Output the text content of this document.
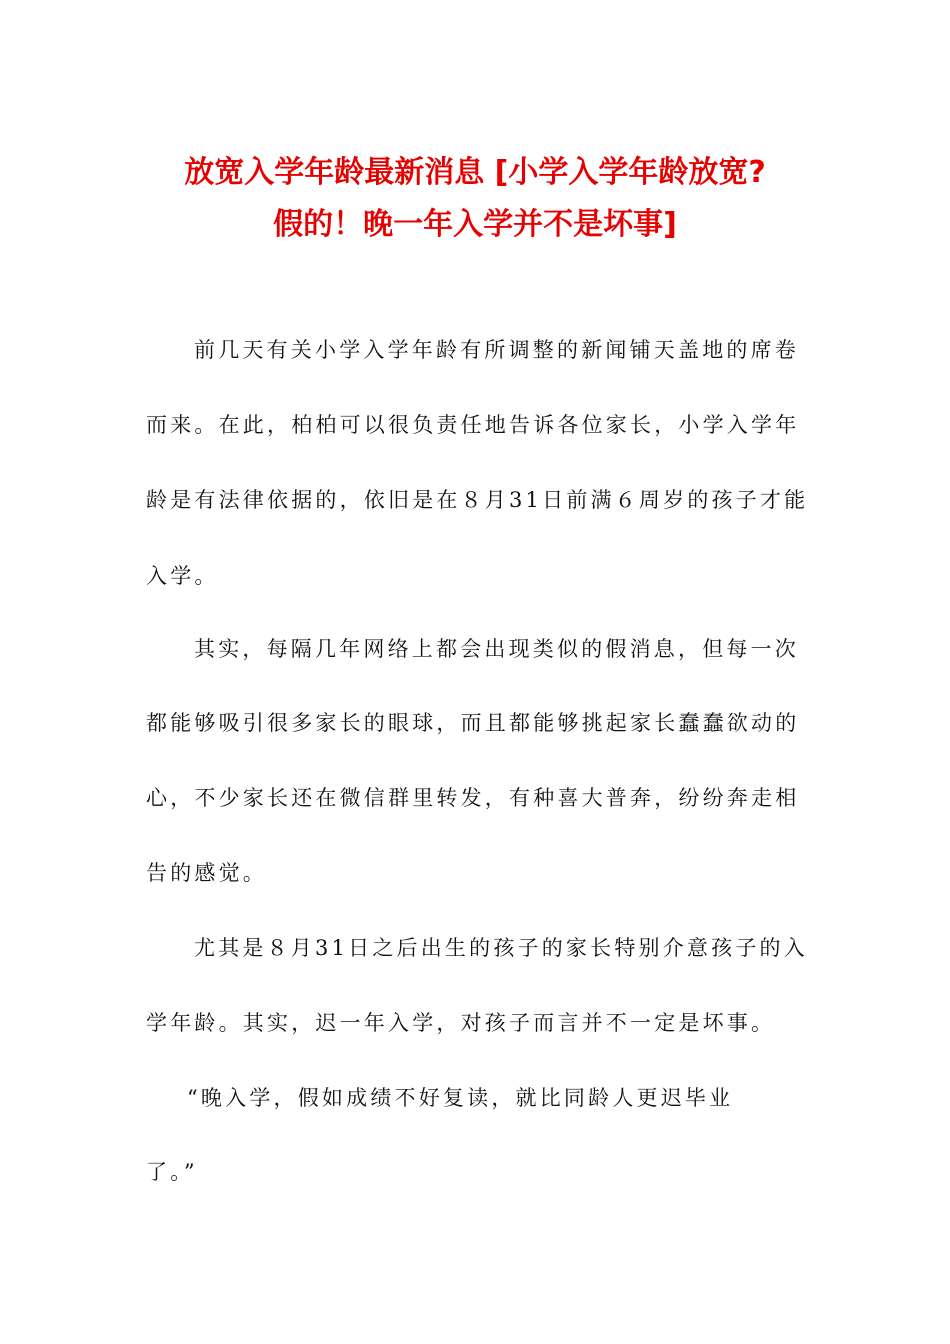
放宽入学年龄最新消息 [小学入学年龄放宽?
假的！晚一年入学并不是坏事]

前几天有关小学入学年龄有所调整的新闻铺天盖地的席卷

而来。在此，柏柏可以很负责任地告诉各位家长，小学入学年

龄是有法律依据的，依旧是在８月31日前满６周岁的孩子才能

入学。

其实，每隔几年网络上都会出现类似的假消息，但每一次

都能够吸引很多家长的眼球，而且都能够挑起家长蠢蠢欲动的

心，不少家长还在微信群里转发，有种喜大普奔，纷纷奔走相

告的感觉。

尤其是８月31日之后出生的孩子的家长特别介意孩子的入

学年龄。其实，迟一年入学，对孩子而言并不一定是坏事。

“晚入学，假如成绩不好复读，就比同龄人更迟毕业

了。”
